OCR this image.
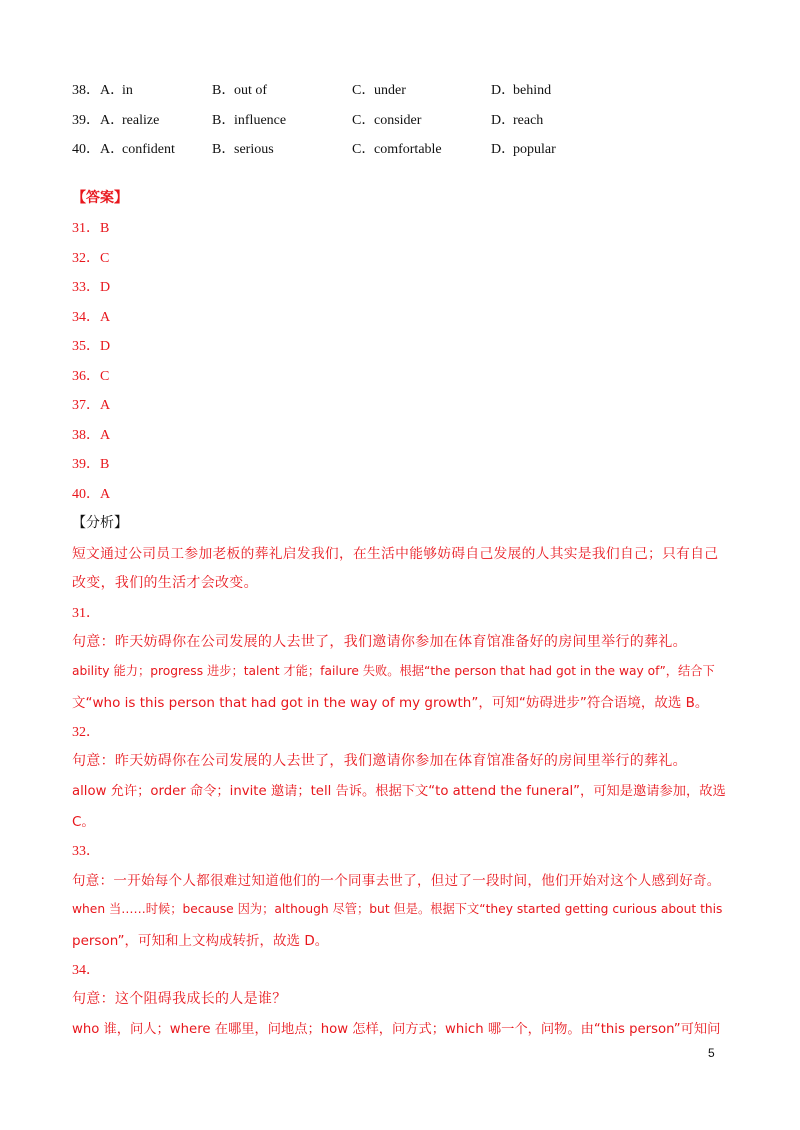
38． A．in	B．out of	C．under	D．behind
39． A．realize	B．influence	C．consider	D．reach
40． A．confident	B．serious	C．comfortable	D．popular
【答案】
31．B
32．C
33．D
34．A
35．D
36．C
37．A
38．A
39．B
40．A
【分析】
短文通过公司员工参加老板的葬礼启发我们，在生活中能够妨碍自己发展的人其实是我们自己；只有自己
改变，我们的生活才会改变。
31．
句意：昨天妨碍你在公司发展的人去世了，我们邀请你参加在体育馆准备好的房间里举行的葬礼。
ability 能力；progress 进步；talent 才能；failure 失败。根据“the person that had got in the way of”，结合下
文“who is this person that had got in the way of my growth”，可知“妨碍进步”符合语境，故选 B。
32．
句意：昨天妨碍你在公司发展的人去世了，我们邀请你参加在体育馆准备好的房间里举行的葬礼。
allow 允许；order 命令；invite 邀请；tell 告诉。根据下文“to attend the funeral”，可知是邀请参加，故选
C。
33．
句意：一开始每个人都很难过知道他们的一个同事去世了，但过了一段时间，他们开始对这个人感到好奇。
when 当……时候；because 因为；although 尽管；but 但是。根据下文“they started getting curious about this
person”，可知和上文构成转折，故选 D。
34．
句意：这个阻碍我成长的人是谁？
who 谁，问人；where 在哪里，问地点；how 怎样，问方式；which 哪一个，问物。由“this person”可知问
5
